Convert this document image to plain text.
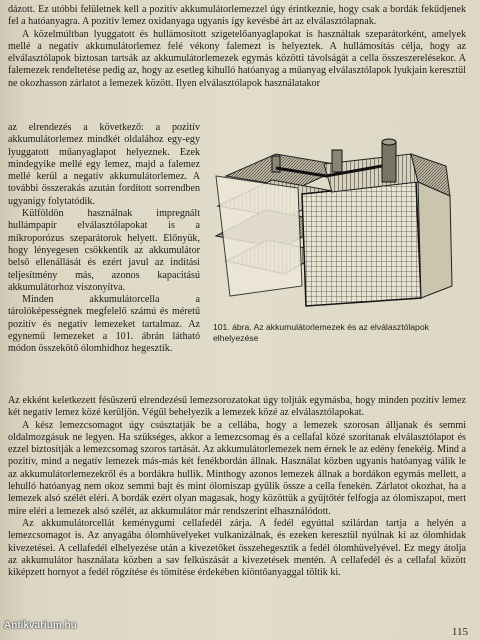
dázott. Ez utóbbi felületnek kell a pozitív akkumulátorlemezzel úgy érintkeznie, hogy csak a bordák fekűdjenek fel a hatóanyagra. A pozitív lemez oxidanyaga ugyanis így kevésbé árt az elválasztólapnak.

A közelmúltban lyuggatott és hullámosított szigetelőanyaglapokat is használtak szeparátorként, amelyek mellé a negatív akkumulátorlemez felé vékony falemezt is helyeztek. A hullámosítás célja, hogy az elválasztólapok biztosan tartsák az akkumulátorlemezek egymás közötti távolságát a cella összeszerelésekor. A falemezek rendeltetése pedig az, hogy az esetleg kihulló hatóanyag a műanyag elválasztólapok lyukjain keresztül ne okozhasson zárlatot a lemezek között. Ilyen elválasztólapok használatakor

az elrendezés a következő: a pozitív akkumulátorlemez mindkét oldalához egy-egy lyuggatott műanyaglapot helyeznek. Ezek mindegyike mellé egy lemez, majd a falemez mellé kerül a negatív akkumulátorlemez. A további összerakás azután fordított sorrendben ugyanígy folytatódik.

Külföldön használnak impregnált hullámpapír elválasztólapokat is a mikroporózus szeparátorok helyett. Előnyük, hogy lényegesen csökkentik az akkumulátor belső ellenállását és ezért javul az indítási teljesítmény más, azonos kapacitású akkumulátorhoz viszonyítva.

Minden akkumulátorcella a tárolóképességnek megfelelő számú és méretű pozitív és negatív lemezeket tartalmaz. Az egynemű lemezeket a 101. ábrán látható módon összekötő ólomhídhoz hegesztik.

101. ábra. Az akkumulátorlemezek és az elválasztólapok elhelyezése

Az ekként keletkezett fésűszerű elrendezésű lemezsorozatokat úgy toljták egymásba, hogy minden pozitív lemez két negatív lemez közé kerüljön. Végül behelyezik a lemezek közé az elválasztólapokat.

A kész lemezcsomagot úgy csúsztatják be a cellába, hogy a lemezek szorosan álljanak és semmi oldalmozgásuk ne legyen. Ha szükséges, akkor a lemezcsomag és a cellafal közé szorítanak elválasztólapot és ezzel biztosítják a lemezcsomag szoros tartását. Az akkumulátorlemezek nem érnek le az edény fenekéig. Mind a pozitív, mind a negatív lemezek más-más két fenékbordán állnak. Használat közben ugyanis hatóanyag válik le az akkumulátorlemezekről és a bordákra hullik. Minthogy azonos lemezek állnak a bordákon egymás mellett, a lehulló hatóanyag nem okoz semmi bajt és mint ólomiszap gyűlik össze a cella fenekén. Zárlatot okozhat, ha a lemezek alsó szélét eléri. A bordák ezért olyan magasak, hogy közöttük a gyűjtőtér felfogja az ólomiszapot, mert mire eléri a lemezek alsó szélét, az akkumulátor már rendszerint elhasználódott.

Az akkumulátorcellát keménygumi cellafedél zárja. A fedél egyúttal szilárdan tartja a helyén a lemezcsomagot is. Az anyagába ólomhüvelyeket vulkanizálnak, és ezeken keresztül nyúlnak ki az ólomhidak kivezetései. A cellafedél elhelyezése után a kivezetőket összehegesztik a fedél ólomhüvelyével. Ez megy átolja az akkumulátor használata közben a sav felkúszását a kivezetések mentén. A cellafedél és a cellafal között kiképzett hornyot a fedél rögzítése és tömítése érdekében kiöntőanyaggal töltik ki.

Antikvarium.hu
115
